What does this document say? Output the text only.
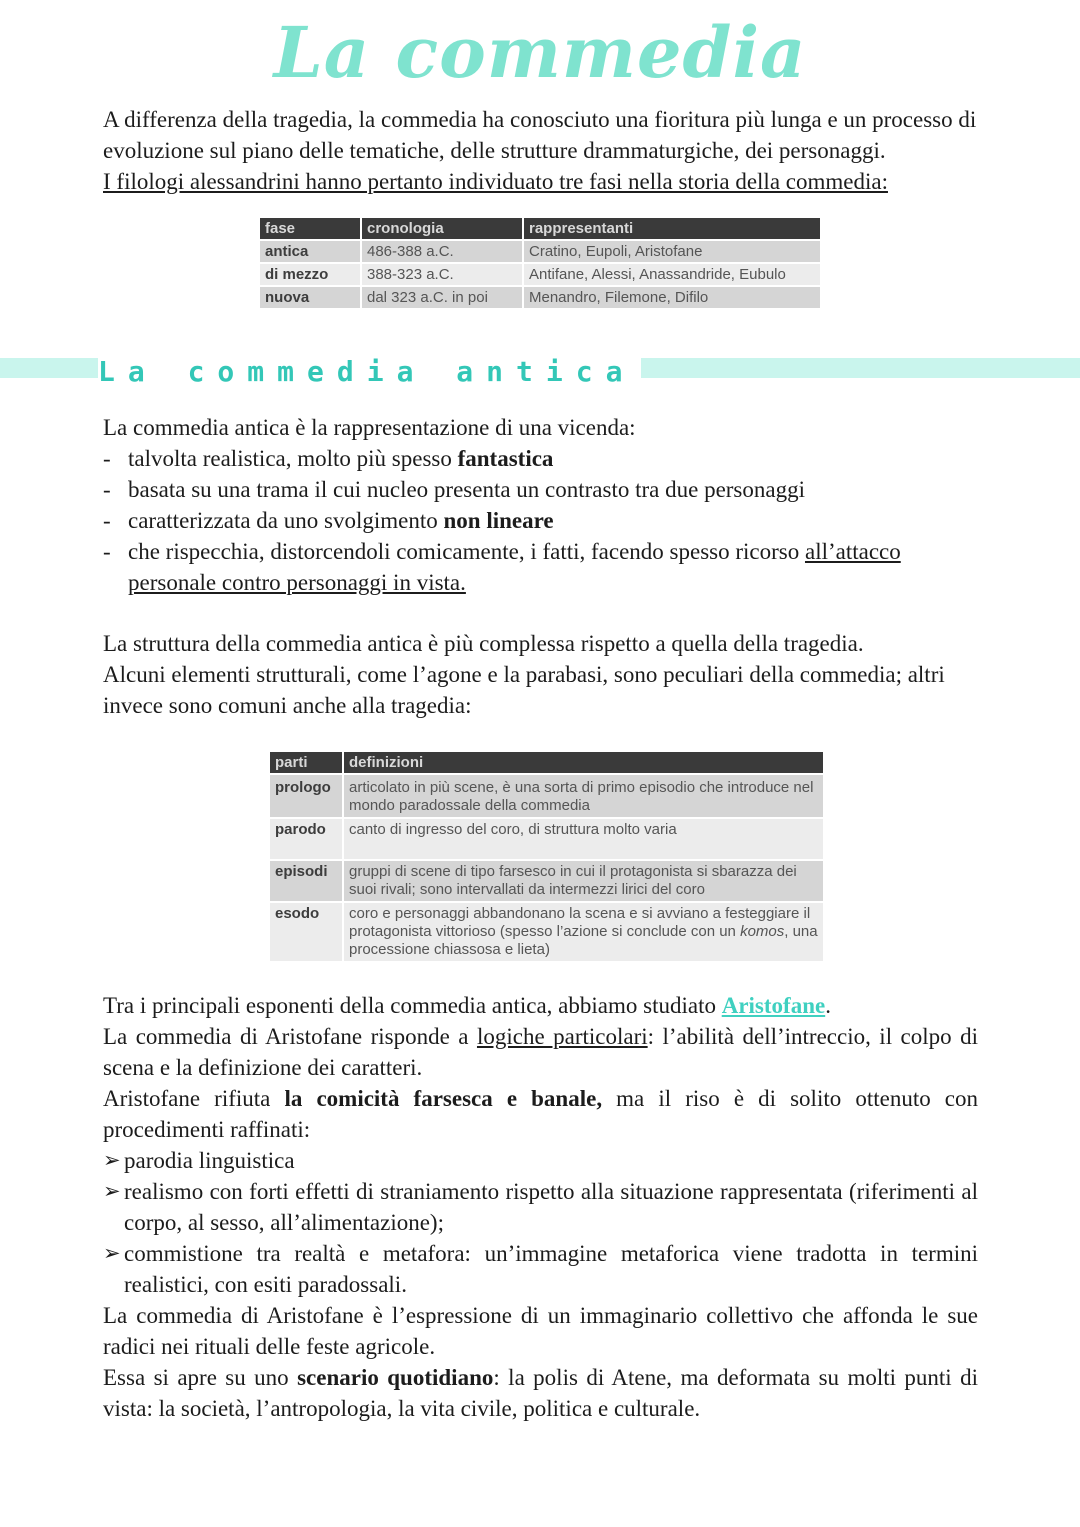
La commedia
A differenza della tragedia, la commedia ha conosciuto una fioritura più lunga e un processo di evoluzione sul piano delle tematiche, delle strutture drammaturgiche, dei personaggi.
I filologi alessandrini hanno pertanto individuato tre fasi nella storia della commedia:
fase	cronologia	rappresentanti
antica	486-388 a.C.	Cratino, Eupoli, Aristofane
di mezzo	388-323 a.C.	Antifane, Alessi, Anassandride, Eubulo
nuova	dal 323 a.C. in poi	Menandro, Filemone, Difilo
La commedia antica
La commedia antica è la rappresentazione di una vicenda:
- talvolta realistica, molto più spesso fantastica
- basata su una trama il cui nucleo presenta un contrasto tra due personaggi
- caratterizzata da uno svolgimento non lineare
- che rispecchia, distorcendoli comicamente, i fatti, facendo spesso ricorso all’attacco personale contro personaggi in vista.
La struttura della commedia antica è più complessa rispetto a quella della tragedia.
Alcuni elementi strutturali, come l’agone e la parabasi, sono peculiari della commedia; altri invece sono comuni anche alla tragedia:
parti	definizioni
prologo	articolato in più scene, è una sorta di primo episodio che introduce nel mondo paradossale della commedia
parodo	canto di ingresso del coro, di struttura molto varia
episodi	gruppi di scene di tipo farsesco in cui il protagonista si sbarazza dei suoi rivali; sono intervallati da intermezzi lirici del coro
esodo	coro e personaggi abbandonano la scena e si avviano a festeggiare il protagonista vittorioso (spesso l’azione si conclude con un komos, una processione chiassosa e lieta)
Tra i principali esponenti della commedia antica, abbiamo studiato Aristofane.
La commedia di Aristofane risponde a logiche particolari: l’abilità dell’intreccio, il colpo di scena e la definizione dei caratteri.
Aristofane rifiuta la comicità farsesca e banale, ma il riso è di solito ottenuto con procedimenti raffinati:
➢ parodia linguistica
➢ realismo con forti effetti di straniamento rispetto alla situazione rappresentata (riferimenti al corpo, al sesso, all’alimentazione);
➢ commistione tra realtà e metafora: un’immagine metaforica viene tradotta in termini realistici, con esiti paradossali.
La commedia di Aristofane è l’espressione di un immaginario collettivo che affonda le sue radici nei rituali delle feste agricole.
Essa si apre su uno scenario quotidiano: la polis di Atene, ma deformata su molti punti di vista: la società, l’antropologia, la vita civile, politica e culturale.
